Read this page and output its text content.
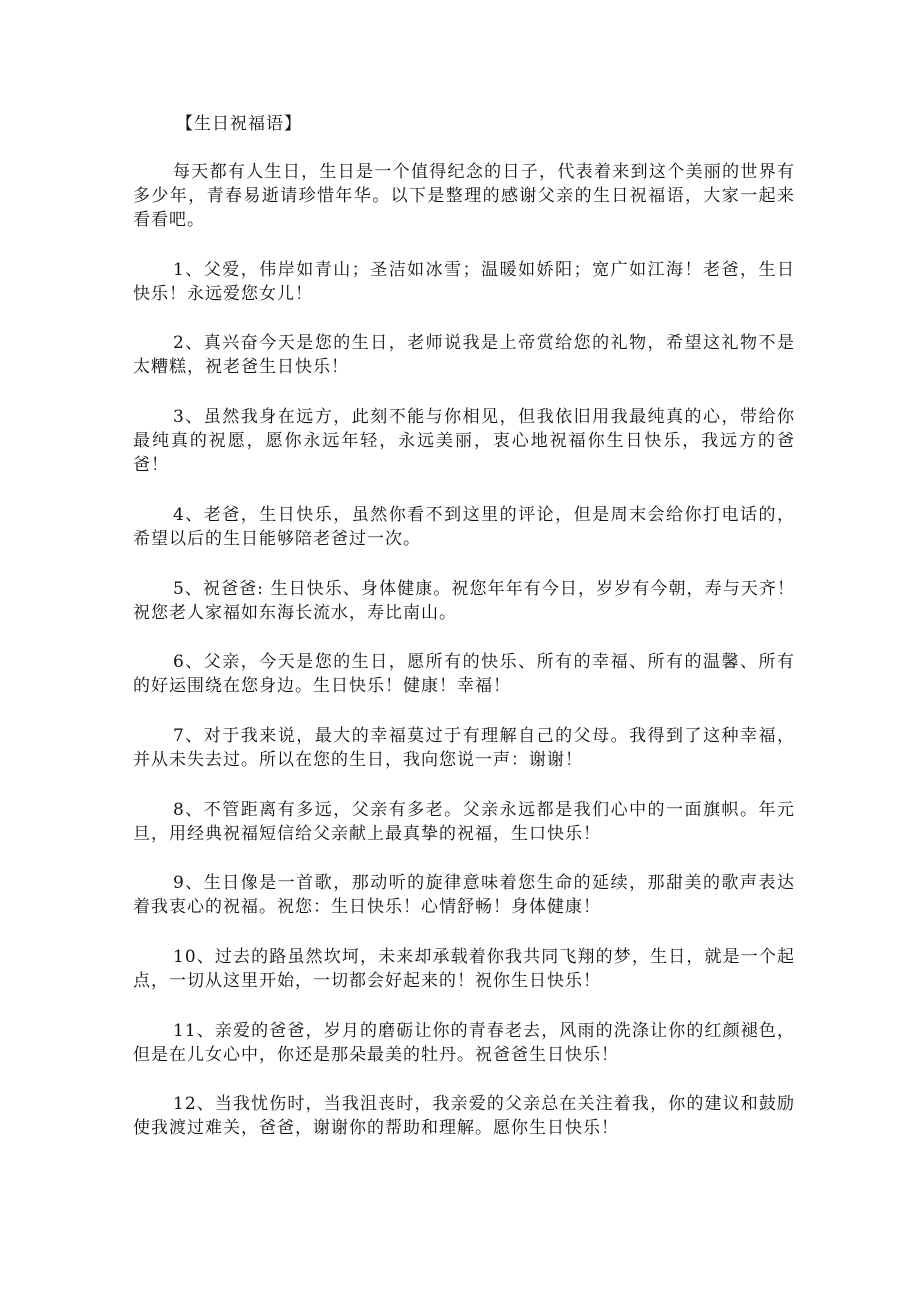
【生日祝福语】

每天都有人生日，生日是一个值得纪念的日子，代表着来到这个美丽的世界有多少年，青春易逝请珍惜年华。以下是整理的感谢父亲的生日祝福语，大家一起来看看吧。

1、父爱，伟岸如青山；圣洁如冰雪；温暖如娇阳；宽广如江海！老爸，生日快乐！永远爱您女儿！

2、真兴奋今天是您的生日，老师说我是上帝赏给您的礼物，希望这礼物不是太糟糕，祝老爸生日快乐！

3、虽然我身在远方，此刻不能与你相见，但我依旧用我最纯真的心，带给你最纯真的祝愿，愿你永远年轻，永远美丽，衷心地祝福你生日快乐，我远方的爸爸！

4、老爸，生日快乐，虽然你看不到这里的评论，但是周末会给你打电话的，希望以后的生日能够陪老爸过一次。

5、祝爸爸: 生日快乐、身体健康。祝您年年有今日，岁岁有今朝，寿与天齐！祝您老人家福如东海长流水，寿比南山。

6、父亲，今天是您的生日，愿所有的快乐、所有的幸福、所有的温馨、所有的好运围绕在您身边。生日快乐！健康！幸福！

7、对于我来说，最大的幸福莫过于有理解自己的父母。我得到了这种幸福，并从未失去过。所以在您的生日，我向您说一声：谢谢！

8、不管距离有多远，父亲有多老。父亲永远都是我们心中的一面旗帜。年元旦，用经典祝福短信给父亲献上最真挚的祝福，生口快乐！

9、生日像是一首歌，那动听的旋律意味着您生命的延续，那甜美的歌声表达着我衷心的祝福。祝您：生日快乐！心情舒畅！身体健康！

10、过去的路虽然坎坷，未来却承载着你我共同飞翔的梦，生日，就是一个起点，一切从这里开始，一切都会好起来的！祝你生日快乐！

11、亲爱的爸爸，岁月的磨砺让你的青春老去，风雨的洗涤让你的红颜褪色，但是在儿女心中，你还是那朵最美的牡丹。祝爸爸生日快乐！

12、当我忧伤时，当我沮丧时，我亲爱的父亲总在关注着我，你的建议和鼓励使我渡过难关，爸爸，谢谢你的帮助和理解。愿你生日快乐！
